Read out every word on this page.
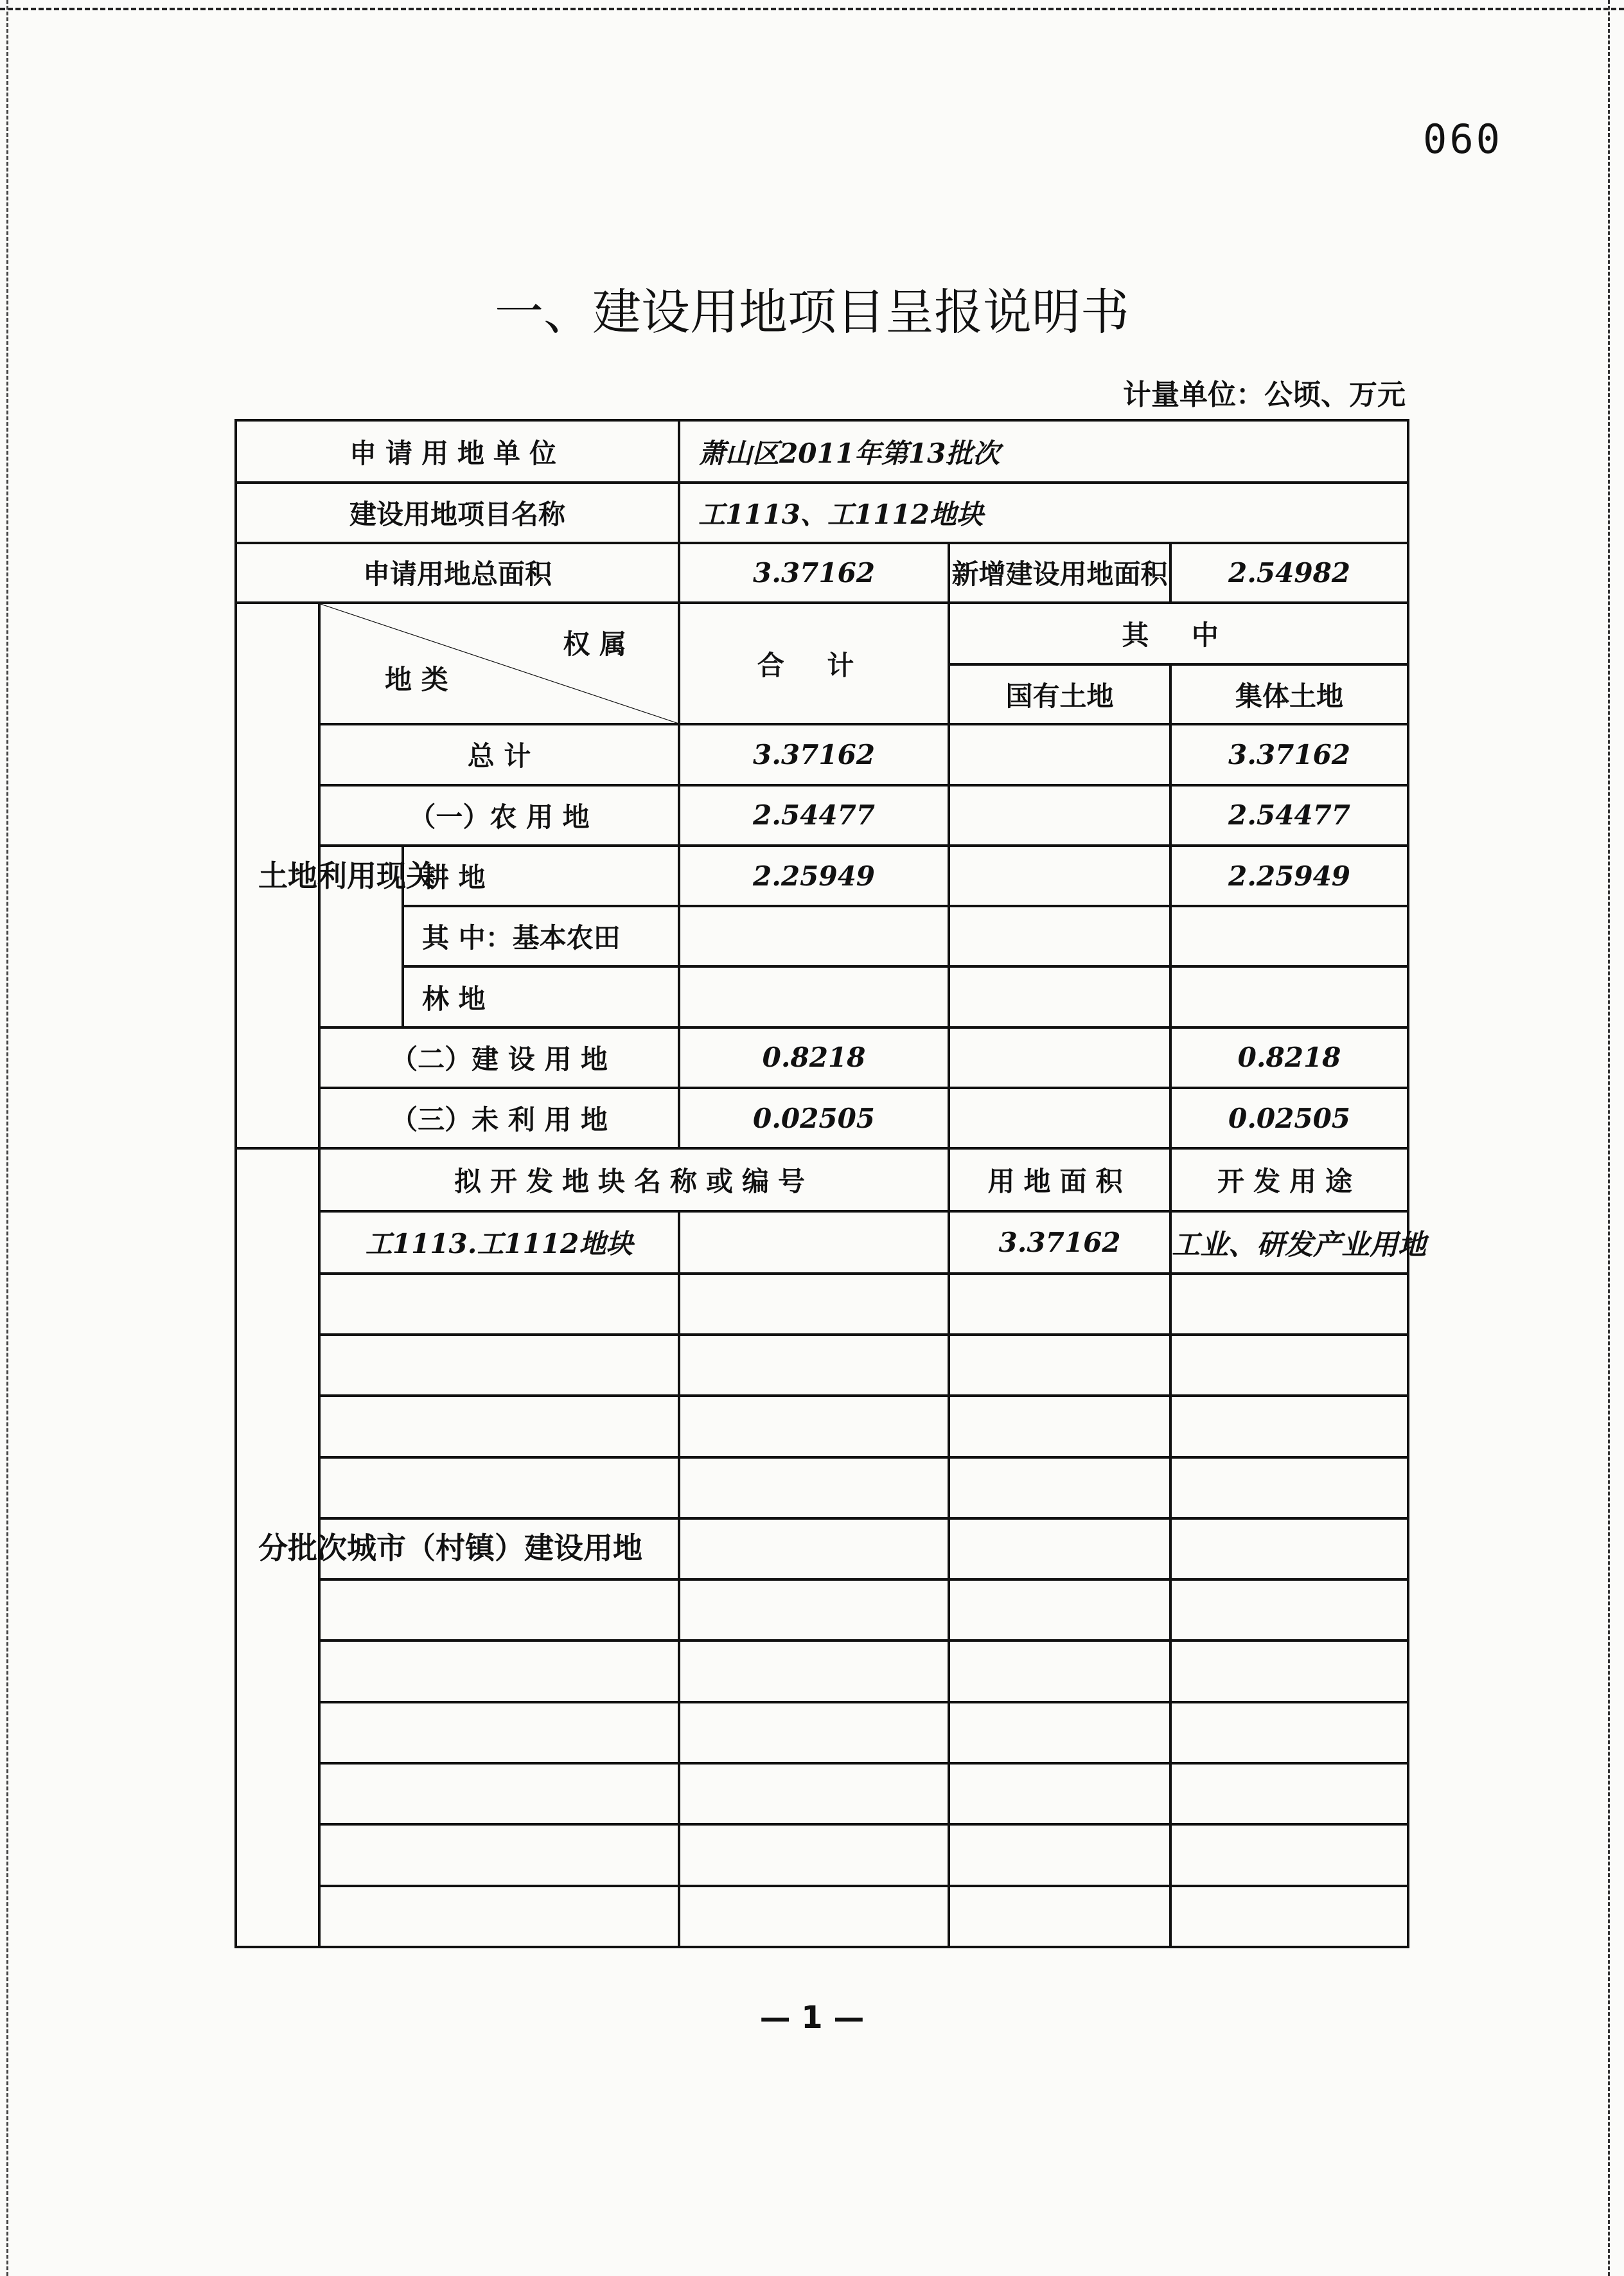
060
一、建设用地项目呈报说明书
计量单位：公顷、万元
申请用地单位			萧山区2011年第13批次		
建设用地项目名称			工1113、工1112地块		
申请用地总面积			3.37162	新增建设用地面积	2.54982

土地利用现关	权 属
地 类		合 计	其 中	
				国有土地	集体土地
	总 计		3.37162		3.37162
	（一）农 用 地		2.54477		2.54477
		耕 地	2.25949		2.25949
		其 中：基本农田			
		林 地			
	（二）建 设 用 地		0.8218		0.8218
	（三）未 利 用 地		0.02505		0.02505

分批次城市（村镇）建设用地	拟开发地块名称或编号			用地面积	开发用途
	工1113.工1112地块			3.37162	工业、研发产业用地

— 1 —
